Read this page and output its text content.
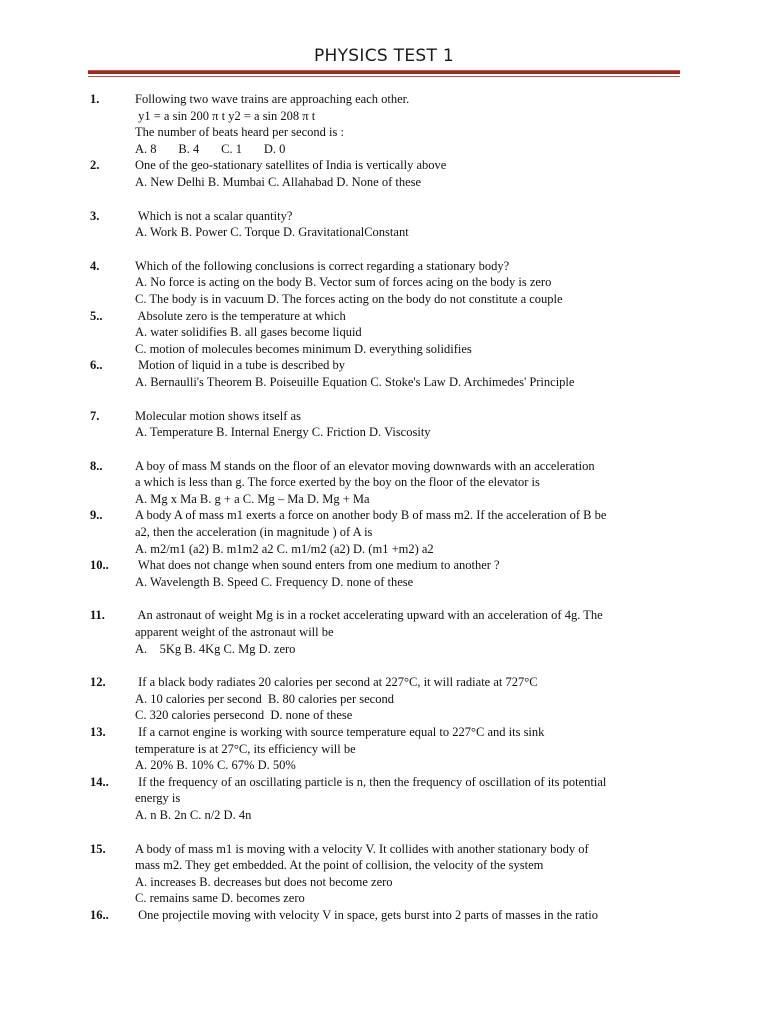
PHYSICS TEST 1
1.	Following two wave trains are approaching each other.
y1 = a sin 200 π t y2 = a sin 208 π t
The number of beats heard per second is :
A. 8       B. 4       C. 1       D. 0
2.	One of the geo-stationary satellites of India is vertically above
A. New Delhi B. Mumbai C. Allahabad D. None of these
3.	Which is not a scalar quantity?
A. Work B. Power C. Torque D. GravitationalConstant
4.	Which of the following conclusions is correct regarding a stationary body?
A. No force is acting on the body B. Vector sum of forces acing on the body is zero
C. The body is in vacuum D. The forces acting on the body do not constitute a couple
5..	Absolute zero is the temperature at which
A. water solidifies B. all gases become liquid
C. motion of molecules becomes minimum D. everything solidifies
6..	Motion of liquid in a tube is described by
A. Bernaulli's Theorem B. Poiseuille Equation C. Stoke's Law D. Archimedes' Principle
7.	Molecular motion shows itself as
A. Temperature B. Internal Energy C. Friction D. Viscosity
8..	A boy of mass M stands on the floor of an elevator moving downwards with an acceleration
a which is less than g. The force exerted by the boy on the floor of the elevator is
A. Mg x Ma B. g + a C. Mg – Ma D. Mg + Ma
9..	A body A of mass m1 exerts a force on another body B of mass m2. If the acceleration of B be
a2, then the acceleration (in magnitude ) of A is
A. m2/m1 (a2) B. m1m2 a2 C. m1/m2 (a2) D. (m1 +m2) a2
10.. What does not change when sound enters from one medium to another ?
A. Wavelength B. Speed C. Frequency D. none of these
11. An astronaut of weight Mg is in a rocket accelerating upward with an acceleration of 4g. The
apparent weight of the astronaut will be
A.    5Kg B. 4Kg C. Mg D. zero
12. If a black body radiates 20 calories per second at 227°C, it will radiate at 727°C
A. 10 calories per second  B. 80 calories per second
C. 320 calories persecond  D. none of these
13. If a carnot engine is working with source temperature equal to 227°C and its sink
temperature is at 27°C, its efficiency will be
A. 20% B. 10% C. 67% D. 50%
14.. If the frequency of an oscillating particle is n, then the frequency of oscillation of its potential
energy is
A. n B. 2n C. n/2 D. 4n
15. A body of mass m1 is moving with a velocity V. It collides with another stationary body of
mass m2. They get embedded. At the point of collision, the velocity of the system
A. increases B. decreases but does not become zero
C. remains same D. becomes zero
16.. One projectile moving with velocity V in space, gets burst into 2 parts of masses in the ratio
